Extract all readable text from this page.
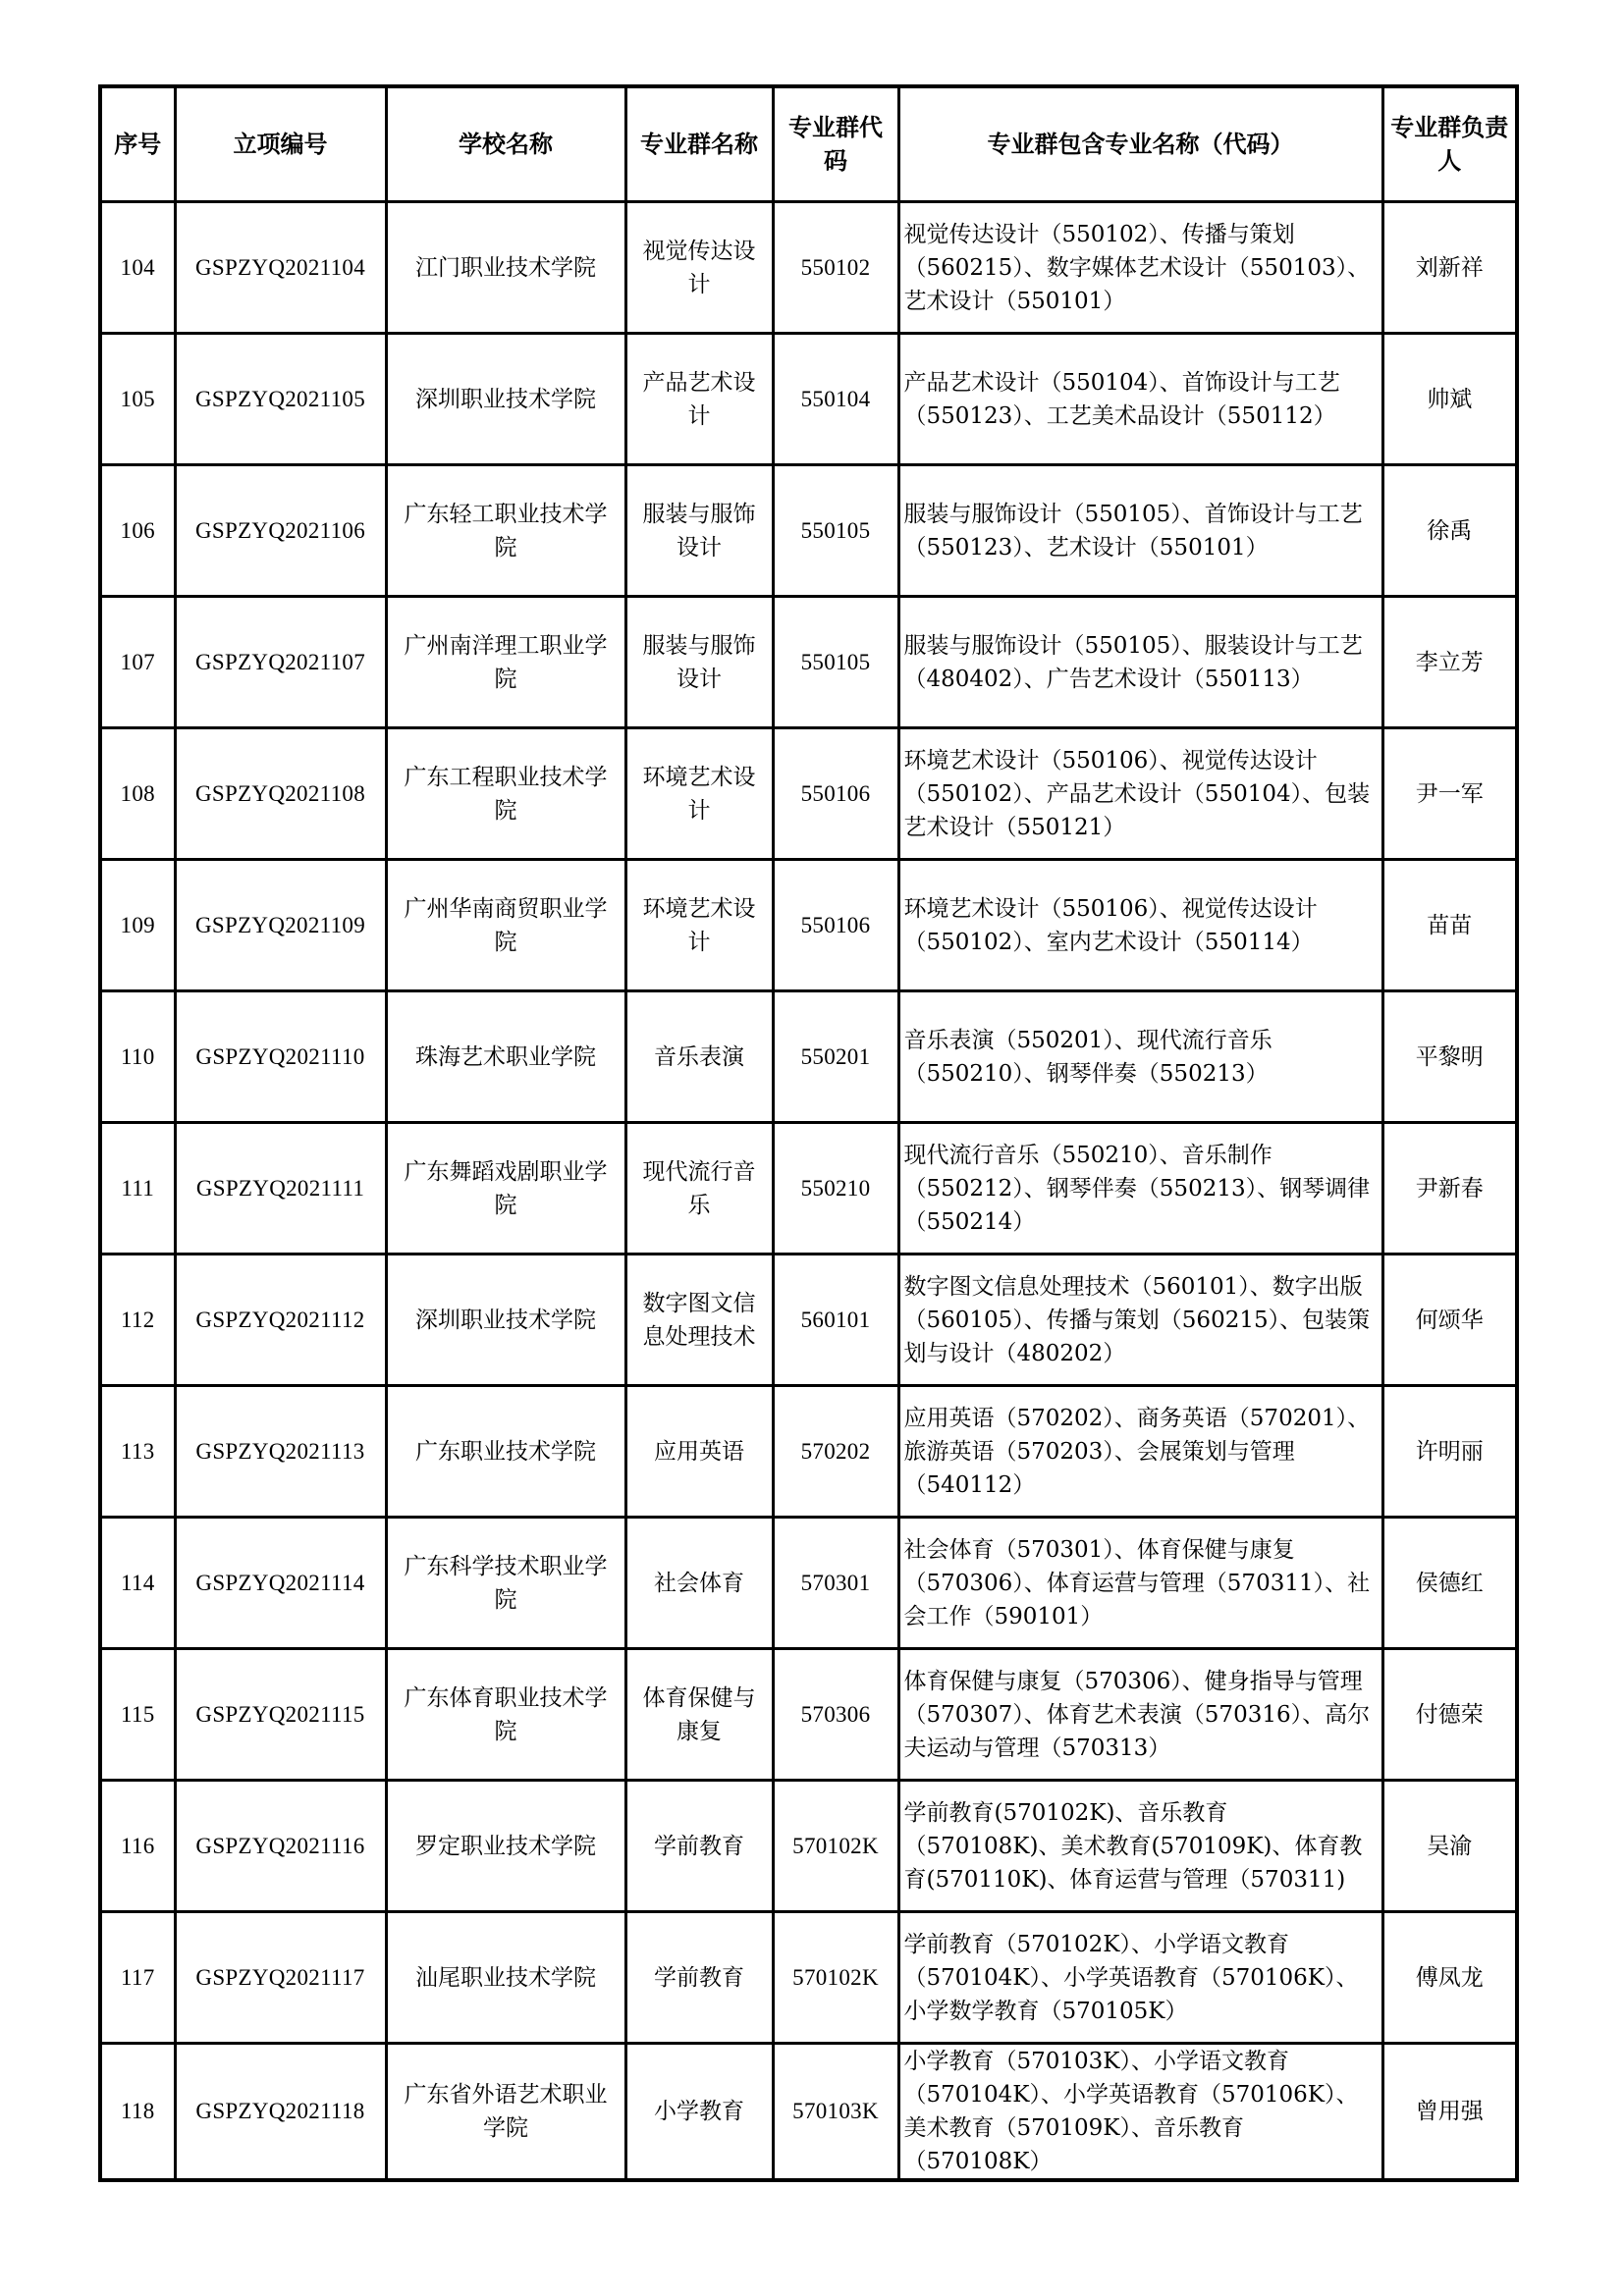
序号	立项编号	学校名称	专业群名称	专业群代码	专业群包含专业名称（代码）	专业群负责人
104	GSPZYQ2021104	江门职业技术学院	视觉传达设计	550102	视觉传达设计（550102）、传播与策划（560215）、数字媒体艺术设计（550103）、艺术设计（550101）	刘新祥
105	GSPZYQ2021105	深圳职业技术学院	产品艺术设计	550104	产品艺术设计（550104）、首饰设计与工艺（550123）、工艺美术品设计（550112）	帅斌
106	GSPZYQ2021106	广东轻工职业技术学院	服装与服饰设计	550105	服装与服饰设计（550105）、首饰设计与工艺（550123）、艺术设计（550101）	徐禹
107	GSPZYQ2021107	广州南洋理工职业学院	服装与服饰设计	550105	服装与服饰设计（550105）、服装设计与工艺（480402）、广告艺术设计（550113）	李立芳
108	GSPZYQ2021108	广东工程职业技术学院	环境艺术设计	550106	环境艺术设计（550106）、视觉传达设计（550102）、产品艺术设计（550104）、包装艺术设计（550121）	尹一军
109	GSPZYQ2021109	广州华南商贸职业学院	环境艺术设计	550106	环境艺术设计（550106）、视觉传达设计（550102）、室内艺术设计（550114）	苗苗
110	GSPZYQ2021110	珠海艺术职业学院	音乐表演	550201	音乐表演（550201）、现代流行音乐（550210）、钢琴伴奏（550213）	平黎明
111	GSPZYQ2021111	广东舞蹈戏剧职业学院	现代流行音乐	550210	现代流行音乐（550210）、音乐制作（550212）、钢琴伴奏（550213）、钢琴调律（550214）	尹新春
112	GSPZYQ2021112	深圳职业技术学院	数字图文信息处理技术	560101	数字图文信息处理技术（560101）、数字出版（560105）、传播与策划（560215）、包装策划与设计（480202）	何颂华
113	GSPZYQ2021113	广东职业技术学院	应用英语	570202	应用英语（570202）、商务英语（570201）、旅游英语（570203）、会展策划与管理（540112）	许明丽
114	GSPZYQ2021114	广东科学技术职业学院	社会体育	570301	社会体育（570301）、体育保健与康复（570306）、体育运营与管理（570311）、社会工作（590101）	侯德红
115	GSPZYQ2021115	广东体育职业技术学院	体育保健与康复	570306	体育保健与康复（570306）、健身指导与管理（570307）、体育艺术表演（570316）、高尔夫运动与管理（570313）	付德荣
116	GSPZYQ2021116	罗定职业技术学院	学前教育	570102K	学前教育(570102K)、音乐教育（570108K)、美术教育(570109K)、体育教育(570110K)、体育运营与管理（570311)	吴渝
117	GSPZYQ2021117	汕尾职业技术学院	学前教育	570102K	学前教育（570102K）、小学语文教育（570104K）、小学英语教育（570106K）、小学数学教育（570105K）	傅凤龙
118	GSPZYQ2021118	广东省外语艺术职业学院	小学教育	570103K	小学教育（570103K）、小学语文教育（570104K）、小学英语教育（570106K）、美术教育（570109K）、音乐教育（570108K）	曾用强
